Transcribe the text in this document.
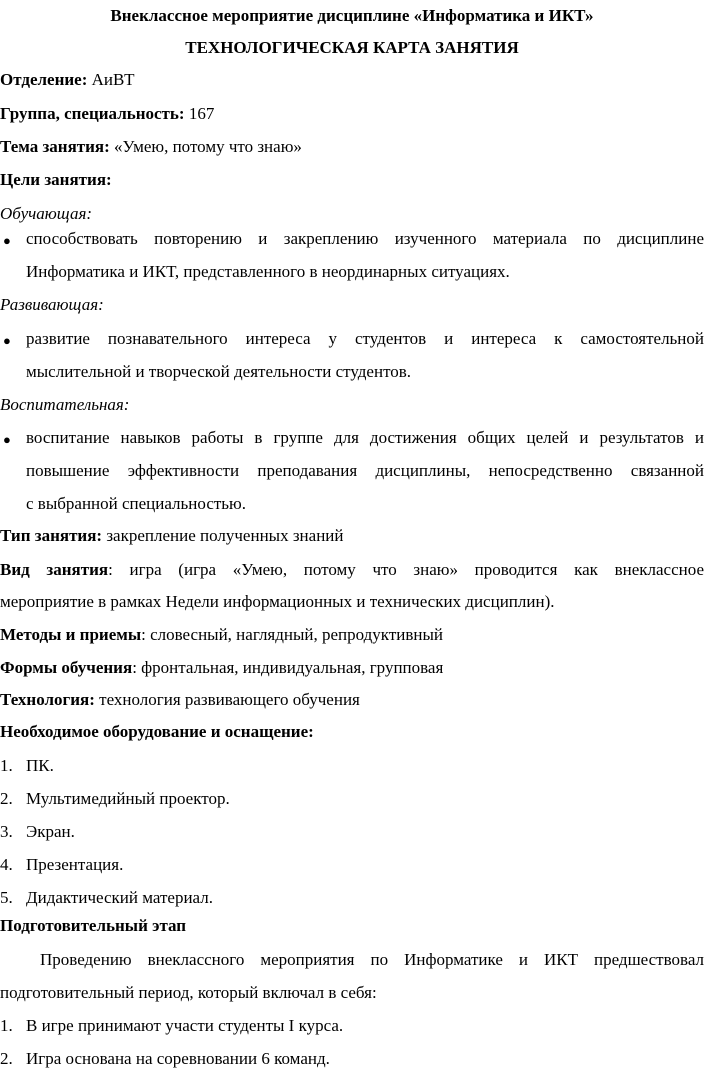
Внеклассное мероприятие дисциплине «Информатика и ИКТ»
ТЕХНОЛОГИЧЕСКАЯ КАРТА ЗАНЯТИЯ
Отделение: АиВТ
Группа, специальность: 167
Тема занятия: «Умею, потому что знаю»
Цели занятия:
Обучающая:
● способствовать повторению и закреплению изученного материала по дисциплине
Информатика и ИКТ, представленного в неординарных ситуациях.
Развивающая:
● развитие познавательного интереса у студентов и интереса к самостоятельной
мыслительной и творческой деятельности студентов.
Воспитательная:
● воспитание навыков работы в группе для достижения общих целей и результатов и
повышение эффективности преподавания дисциплины, непосредственно связанной
с выбранной специальностью.
Тип занятия: закрепление полученных знаний
Вид занятия: игра (игра «Умею, потому что знаю» проводится как внеклассное
мероприятие в рамках Недели информационных и технических дисциплин).
Методы и приемы: словесный, наглядный, репродуктивный
Формы обучения: фронтальная, индивидуальная, групповая
Технология: технология развивающего обучения
Необходимое оборудование и оснащение:
1. ПК.
2. Мультимедийный проектор.
3. Экран.
4. Презентация.
5. Дидактический материал.
Подготовительный этап
Проведению внеклассного мероприятия по Информатике и ИКТ предшествовал
подготовительный период, который включал в себя:
1. В игре принимают участи студенты I курса.
2. Игра основана на соревновании 6 команд.
